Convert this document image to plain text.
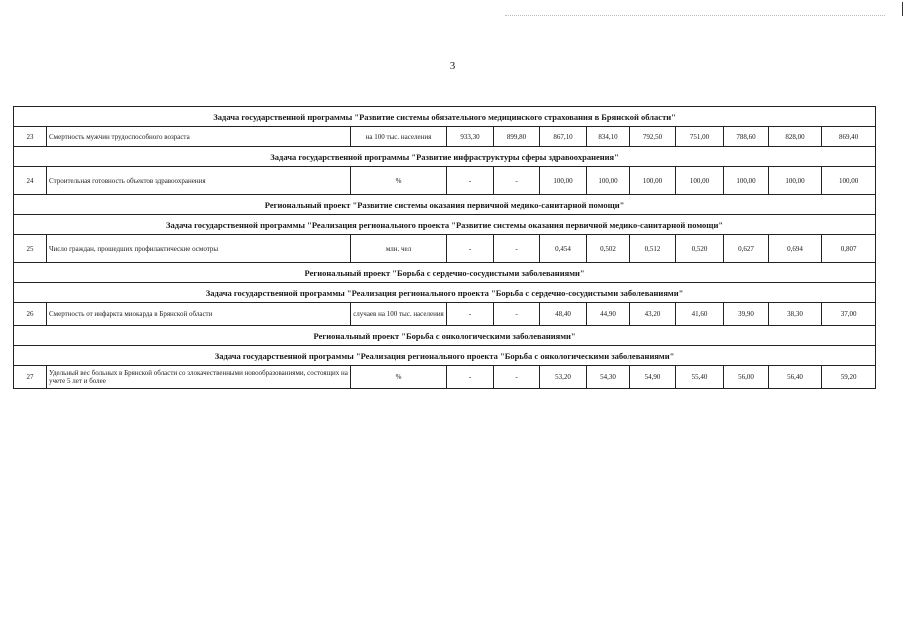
3
Задача государственной программы "Развитие системы обязательного медицинского страхования в Брянской области"											
23	Смертность мужчин трудоспособного возраста	на 100 тыс. населения	933,30	899,80	867,10	834,10	792,50	751,00	788,60	828,00	869,40
Задача государственной программы "Развитие инфраструктуры сферы здравоохранения"											
24	Строительная готовность объектов здравоохранения	%	-	-	100,00	100,00	100,00	100,00	100,00	100,00	100,00
Региональный проект "Развитие системы оказания первичной медико-санитарной помощи"											
Задача государственной программы "Реализация регионального проекта "Развитие системы оказания первичной медико-санитарной помощи"											
25	Число граждан, прошедших профилактические осмотры	млн. чел	-	-	0,454	0,502	0,512	0,520	0,627	0,694	0,807
Региональный проект "Борьба с сердечно-сосудистыми заболеваниями"											
Задача государственной программы "Реализация регионального проекта "Борьба с сердечно-сосудистыми заболеваниями"											
26	Смертность от инфаркта миокарда в Брянской области	случаев на 100 тыс. населения	-	-	48,40	44,90	43,20	41,60	39,90	38,30	37,00
Региональный проект "Борьба с онкологическими заболеваниями"											
Задача государственной программы "Реализация регионального проекта "Борьба с онкологическими заболеваниями"											
27	Удельный вес больных в Брянской области со злокачественными новообразованиями, состоящих на учете 5 лет и более	%	-	-	53,20	54,30	54,90	55,40	56,00	56,40	59,20
